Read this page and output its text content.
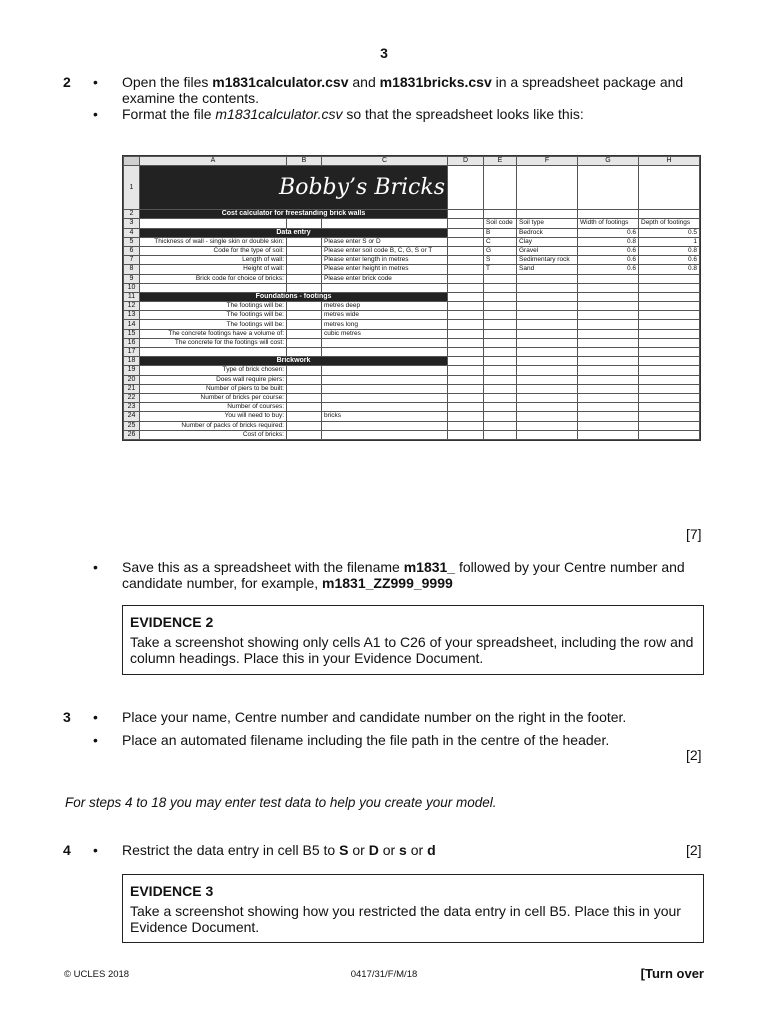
3
2 • Open the files m1831calculator.csv and m1831bricks.csv in a spreadsheet package and examine the contents.
• Format the file m1831calculator.csv so that the spreadsheet looks like this:
	A	B	C	D	E	F	G	H
1	Bobby’s Bricks							
2	Cost calculator for freestanding brick walls							
3					Soil code	Soil type	Width of footings	Depth of footings
4	Data entry				B	Bedrock	0.6	0.5
5	Thickness of wall - single skin or double skin:		Please enter S or D		C	Clay	0.8	1
6	Code for the type of soil:		Please enter soil code B, C, G, S or T		G	Gravel	0.6	0.8
7	Length of wall:		Please enter length in metres		S	Sedimentary rock	0.6	0.6
8	Height of wall:		Please enter height in metres		T	Sand	0.6	0.8
9	Brick code for choice of bricks:		Please enter brick code					
10								
11	Foundations - footings							
12	The footings will be:		metres deep					
13	The footings will be:		metres wide					
14	The footings will be:		metres long					
15	The concrete footings have a volume of:		cubic metres					
16	The concrete for the footings will cost:							
17								
18	Brickwork							
19	Type of brick chosen:							
20	Does wall require piers:							
21	Number of piers to be built:							
22	Number of bricks per course:							
23	Number of courses:							
24	You will need to buy:		bricks					
25	Number of packs of bricks required:							
26	Cost of bricks:							
[7]
• Save this as a spreadsheet with the filename m1831_ followed by your Centre number and candidate number, for example, m1831_ZZ999_9999
EVIDENCE 2
Take a screenshot showing only cells A1 to C26 of your spreadsheet, including the row and column headings. Place this in your Evidence Document.
3 • Place your name, Centre number and candidate number on the right in the footer.
• Place an automated filename including the file path in the centre of the header.
[2]
For steps 4 to 18 you may enter test data to help you create your model.
4 • Restrict the data entry in cell B5 to S or D or s or d	[2]
EVIDENCE 3
Take a screenshot showing how you restricted the data entry in cell B5. Place this in your Evidence Document.
© UCLES 2018	0417/31/F/M/18	[Turn over
